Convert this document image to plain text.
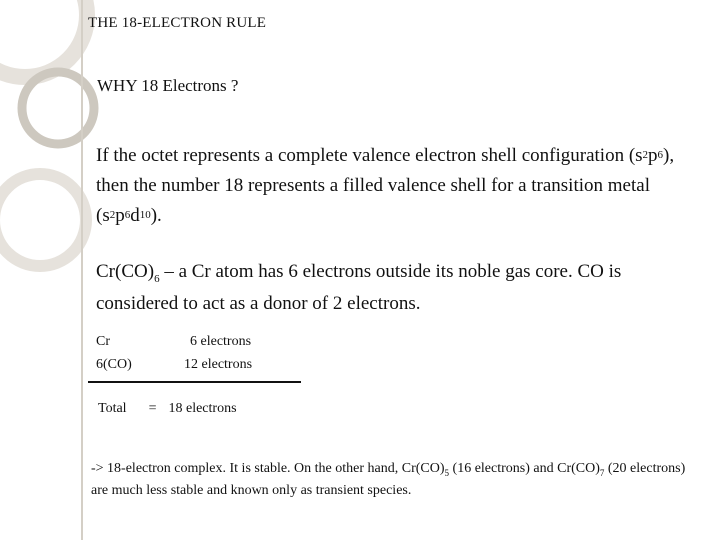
THE 18-ELECTRON RULE
WHY 18 Electrons ?
If the octet represents a complete valence electron shell configuration $(s^2p^6)$, then the number 18 represents a filled valence shell for a transition metal $(s^2p^6d^{10})$.
$Cr(CO)_6$ – a Cr atom has 6 electrons outside its noble gas core. CO is considered to act as a donor of 2 electrons.
Cr	6 electrons
6(CO)	12 electrons
Total = 18 electrons
-> 18-electron complex. It is stable. On the other hand, $Cr(CO)_5$ (16 electrons) and $Cr(CO)_7$ (20 electrons) are much less stable and known only as transient species.
